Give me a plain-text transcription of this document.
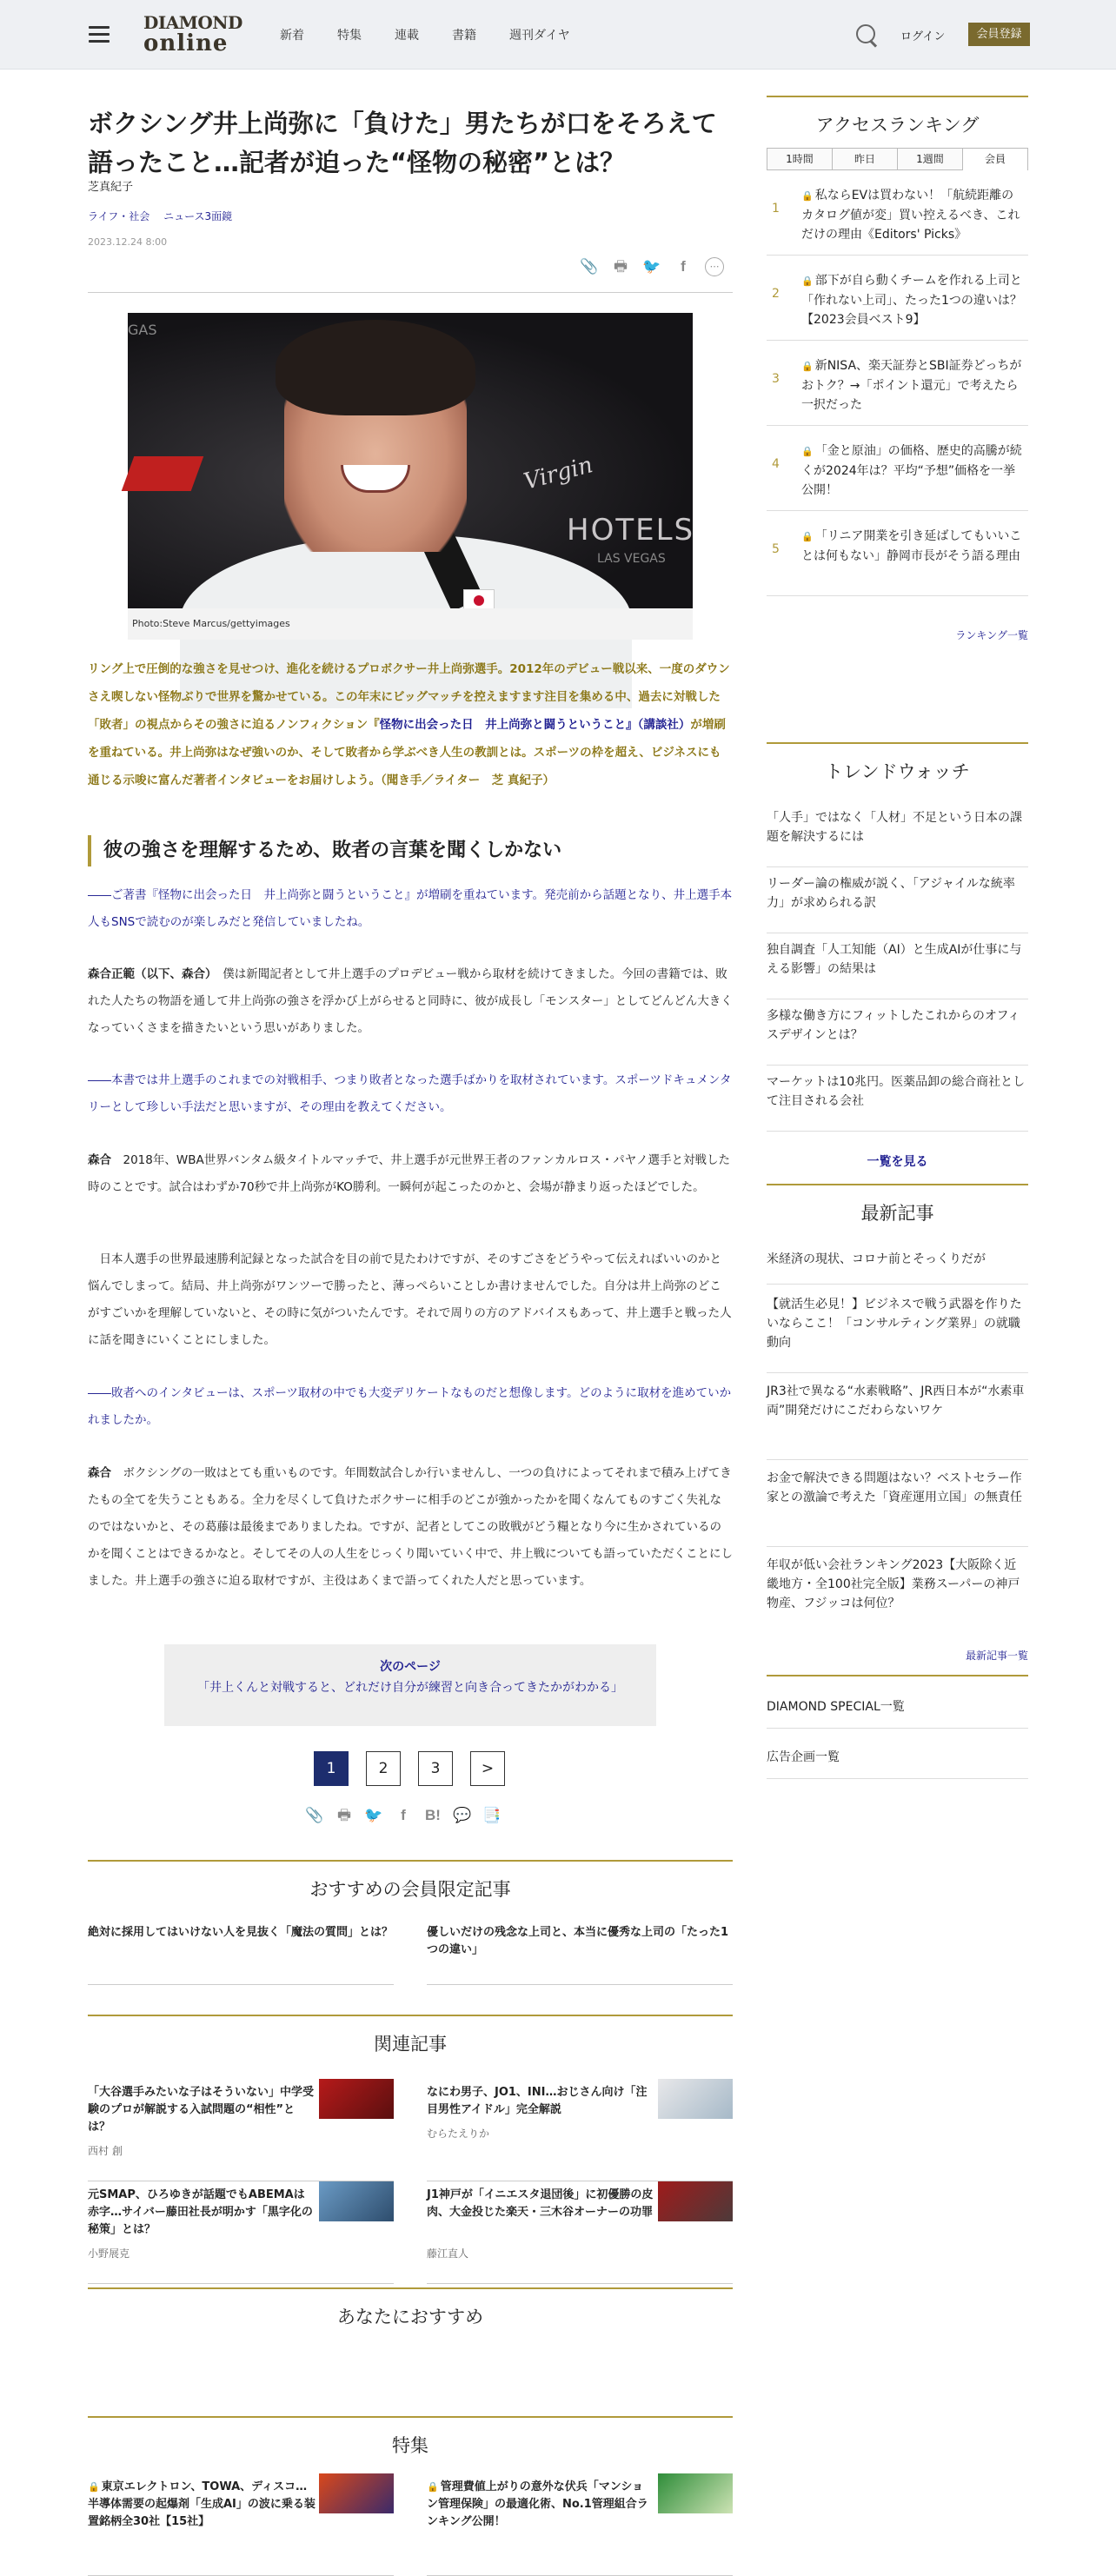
DIAMOND
online	新着	特集	連載	書籍	週刊ダイヤ	ログイン	会員登録
ボクシング井上尚弥に「負けた」男たちが口をそろえて語ったこと…記者が迫った“怪物の秘密”とは？
芝真紀子
ライフ・社会 ニュース3面鏡
2023.12.24 8:00
📎 🖶 🐦	f	⋯
GAS
Virgin
HOTELS
LAS VEGAS
Photo:Steve Marcus/gettyimages

リング上で圧倒的な強さを見せつけ、進化を続けるプロボクサー井上尚弥選手。2012年のデビュー戦以来、一度のダウンさえ喫しない怪物ぶりで世界を驚かせている。この年末にビッグマッチを控えますます注目を集める中、過去に対戦した「敗者」の視点からその強さに迫るノンフィクション『怪物に出会った日　井上尚弥と闘うということ』（講談社）が増刷を重ねている。井上尚弥はなぜ強いのか、そして敗者から学ぶべき人生の教訓とは。スポーツの枠を超え、ビジネスにも通じる示唆に富んだ著者インタビューをお届けしよう。（聞き手／ライター　芝 真紀子）

彼の強さを理解するため、敗者の言葉を聞くしかない

――ご著書『怪物に出会った日　井上尚弥と闘うということ』が増刷を重ねています。発売前から話題となり、井上選手本人もSNSで読むのが楽しみだと発信していましたね。

森合正範（以下、森合）　僕は新聞記者として井上選手のプロデビュー戦から取材を続けてきました。今回の書籍では、敗れた人たちの物語を通して井上尚弥の強さを浮かび上がらせると同時に、彼が成長し「モンスター」としてどんどん大きくなっていくさまを描きたいという思いがありました。

――本書では井上選手のこれまでの対戦相手、つまり敗者となった選手ばかりを取材されています。スポーツドキュメンタリーとして珍しい手法だと思いますが、その理由を教えてください。

森合　2018年、WBA世界バンタム級タイトルマッチで、井上選手が元世界王者のファンカルロス・パヤノ選手と対戦した時のことです。試合はわずか70秒で井上尚弥がKO勝利。一瞬何が起こったのかと、会場が静まり返ったほどでした。

　日本人選手の世界最速勝利記録となった試合を目の前で見たわけですが、そのすごさをどうやって伝えればいいのかと悩んでしまって。結局、井上尚弥がワンツーで勝ったと、薄っぺらいことしか書けませんでした。自分は井上尚弥のどこがすごいかを理解していないと、その時に気がついたんです。それで周りの方のアドバイスもあって、井上選手と戦った人に話を聞きにいくことにしました。

――敗者へのインタビューは、スポーツ取材の中でも大変デリケートなものだと想像します。どのように取材を進めていかれましたか。

森合　ボクシングの一敗はとても重いものです。年間数試合しか行いませんし、一つの負けによってそれまで積み上げてきたもの全てを失うこともある。全力を尽くして負けたボクサーに相手のどこが強かったかを聞くなんてものすごく失礼なのではないかと、その葛藤は最後までありましたね。ですが、記者としてこの敗戦がどう糧となり今に生かされているのかを聞くことはできるかなと。そしてその人の人生をじっくり聞いていく中で、井上戦についても語っていただくことにしました。井上選手の強さに迫る取材ですが、主役はあくまで語ってくれた人だと思っています。

次のページ
「井上くんと対戦すると、どれだけ自分が練習と向き合ってきたかがわかる」
1	2	3	>
📎 🖶 🐦	f	B! 💬 📑
おすすめの会員限定記事
絶対に採用してはいけない人を見抜く「魔法の質問」とは？	優しいだけの残念な上司と、本当に優秀な上司の「たった1つの違い」
関連記事
「大谷選手みたいな子はそういない」中学受験のプロが解説する入試問題の“相性”とは？
西村 創
なにわ男子、JO1、INI…おじさん向け「注目男性アイドル」完全解説
むらたえりか
元SMAP、ひろゆきが話題でもABEMAは赤字…サイバー藤田社長が明かす「黒字化の秘策」とは？
小野展克
J1神戸が「イニエスタ退団後」に初優勝の皮肉、大金投じた楽天・三木谷オーナーの功罪
藤江直人
あなたにおすすめ
特集
🔒 東京エレクトロン、TOWA、ディスコ…半導体需要の起爆剤「生成AI」の波に乗る装置銘柄全30社【15社】
🔒 管理費値上がりの意外な伏兵「マンション管理保険」の最適化術、No.1管理組合ランキング公開！
アクセスランキング
1時間	昨日	1週間	会員
1
🔒 私ならEVは買わない！「航続距離のカタログ値が変」買い控えるべき、これだけの理由《Editors' Picks》
2
🔒 部下が自ら動くチームを作れる上司と「作れない上司」、たった1つの違いは？【2023会員ベスト9】
3
🔒 新NISA、楽天証券とSBI証券どっちがおトク？→「ポイント還元」で考えたら一択だった
4
🔒 「金と原油」の価格、歴史的高騰が続くが2024年は？平均“予想”価格を一挙公開！
5
🔒 「リニア開業を引き延ばしてもいいことは何もない」静岡市長がそう語る理由
ランキング一覧
トレンドウォッチ
「人手」ではなく「人材」不足という日本の課題を解決するには
リーダー論の権威が説く、「アジャイルな統率力」が求められる訳
独自調査「人工知能（AI）と生成AIが仕事に与える影響」の結果は
多様な働き方にフィットしたこれからのオフィスデザインとは？
マーケットは10兆円。医薬品卸の総合商社として注目される会社
一覧を見る
最新記事
米経済の現状、コロナ前とそっくりだが
【就活生必見！】ビジネスで戦う武器を作りたいならここ！「コンサルティング業界」の就職動向
JR3社で異なる“水素戦略”、JR西日本が“水素車両”開発だけにこだわらないワケ
お金で解決できる問題はない？ベストセラー作家との激論で考えた「資産運用立国」の無責任
年収が低い会社ランキング2023【大阪除く近畿地方・全100社完全版】業務スーパーの神戸物産、フジッコは何位？
最新記事一覧
DIAMOND SPECIAL一覧
広告企画一覧
